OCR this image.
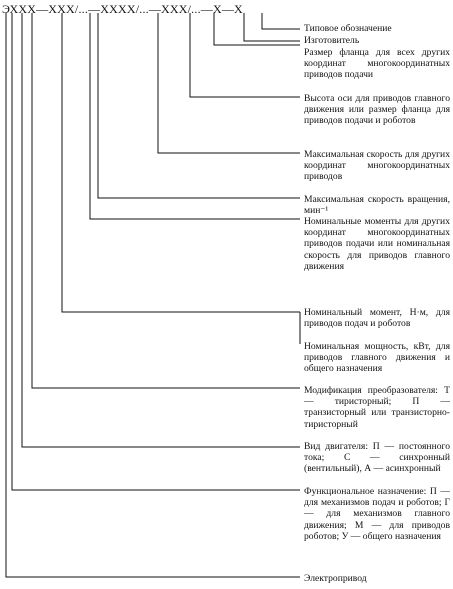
ЭХХХ—ХХХ/...—ХХХХ/...—ХХХ/...—Х—Х
Типовое обозначение
Изготовитель
Размер фланца для всех других координат многокоординатных приводов подачи
Высота оси для приводов главного движения или размер фланца для приводов подачи и роботов
Максимальная скорость для других координат многокоординатных приводов
Максимальная скорость вращения, мин⁻¹
Номинальные моменты для других координат многокоординатных приводов подачи или номинальная скорость для приводов главного движения
Номинальный момент, Н·м, для приводов подач и роботов
Номинальная мощность, кВт, для приводов главного движения и общего назначения
Модификация преобразователя: Т — тиристорный; П — транзисторный или транзисторно-тиристорный
Вид двигателя: П — постоянного тока; С — синхронный (вентильный), А — асинхронный
Функциональное назначение: П — для механизмов подач и роботов; Г — для механизмов главного движения; М — для приводов роботов; У — общего назначения
Электропривод
